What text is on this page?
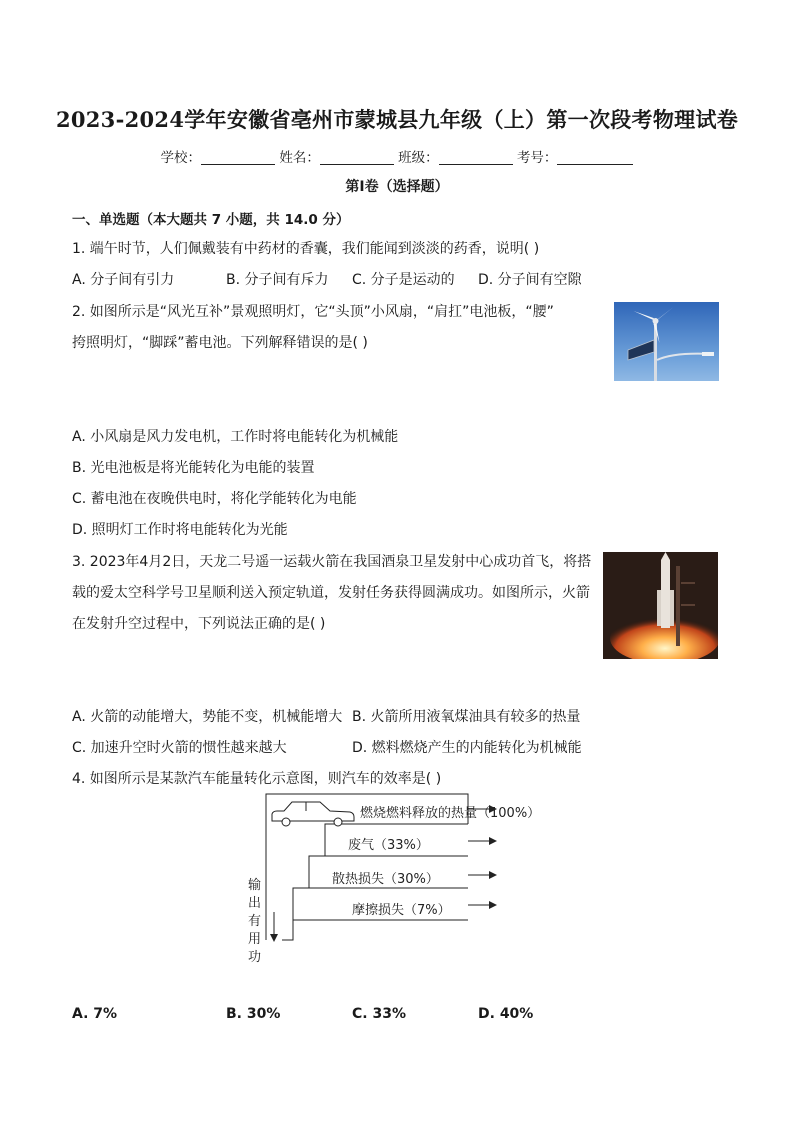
2023-2024学年安徽省亳州市蒙城县九年级（上）第一次段考物理试卷
学校：	姓名：	班级：	考号：
第I卷（选择题）
一、单选题（本大题共 7 小题，共 14.0 分）
1. 端午时节，人们佩戴装有中药材的香囊，我们能闻到淡淡的药香，说明( )
A. 分子间有引力	B. 分子间有斥力 C. 分子是运动的 D. 分子间有空隙
2. 如图所示是“风光互补”景观照明灯，它“头顶”小风扇，“肩扛”电池板，“腰”
挎照明灯，“脚踩”蓄电池。下列解释错误的是( )
A. 小风扇是风力发电机，工作时将电能转化为机械能
B. 光电池板是将光能转化为电能的装置
C. 蓄电池在夜晚供电时，将化学能转化为电能
D. 照明灯工作时将电能转化为光能
3. 2023年4月2日，天龙二号遥一运载火箭在我国酒泉卫星发射中心成功首飞，将搭
载的爱太空科学号卫星顺利送入预定轨道，发射任务获得圆满成功。如图所示，火箭
在发射升空过程中，下列说法正确的是( )
A. 火箭的动能增大，势能不变，机械能增大 B. 火箭所用液氧煤油具有较多的热量
C. 加速升空时火箭的惯性越来越大	D. 燃料燃烧产生的内能转化为机械能
4. 如图所示是某款汽车能量转化示意图，则汽车的效率是( )
燃烧燃料释放的热量（100%）
废气（33%）
散热损失（30%）
摩擦损失（7%）
输
出
有
用
功
A. 7%	B. 30%	C. 33%	D. 40%
